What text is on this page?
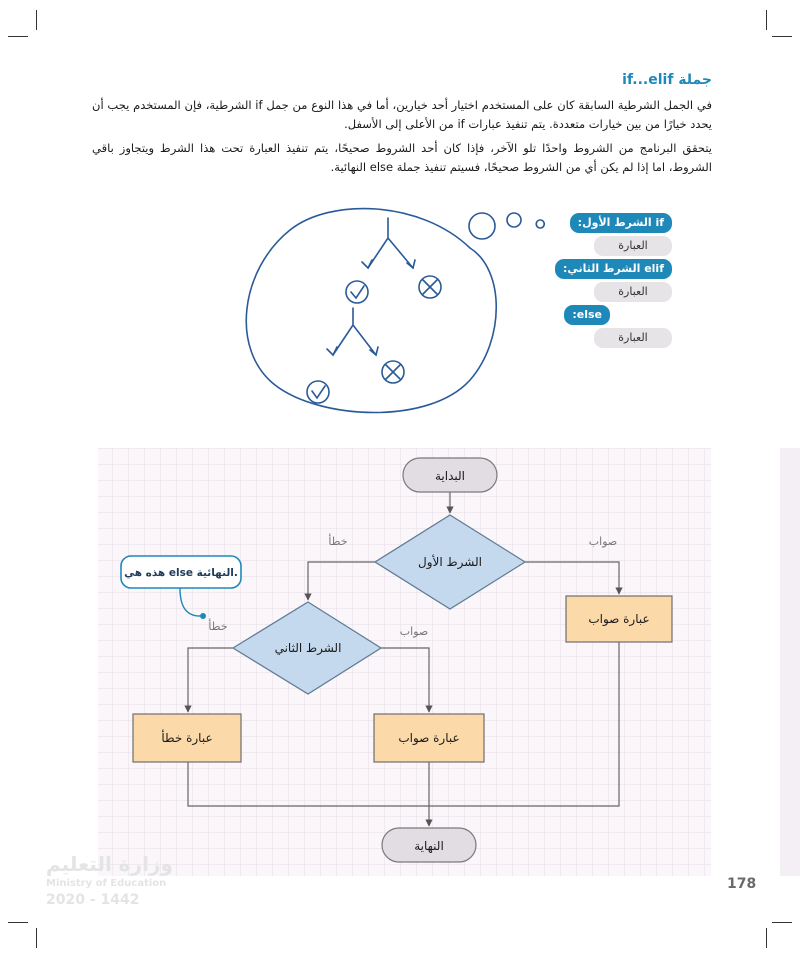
جملة if...elif

في الجمل الشرطية السابقة كان على المستخدم اختيار أحد خيارين، أما في هذا النوع من جمل if الشرطية، فإن المستخدم يجب أن يحدد خيارًا من بين خيارات متعددة. يتم تنفيذ عبارات if من الأعلى إلى الأسفل.

يتحقق البرنامج من الشروط واحدًا تلو الآخر، فإذا كان أحد الشروط صحيحًا، يتم تنفيذ العبارة تحت هذا الشرط ويتجاوز باقي الشروط، اما إذا لم يكن أي من الشروط صحيحًا، فسيتم تنفيذ جملة else النهائية.

البداية
الشرط الأول
عبارة صواب
الشرط الثاني
عبارة خطأ	عبارة صواب
النهاية
صواب
خطأ
صواب
خطأ
هذه هي else النهائية.
if الشرط الأول:
العبارة
elif الشرط الثاني:
العبارة
else:
العبارة
وزارة التعليم
Ministry of Education
2020 - 1442
178
